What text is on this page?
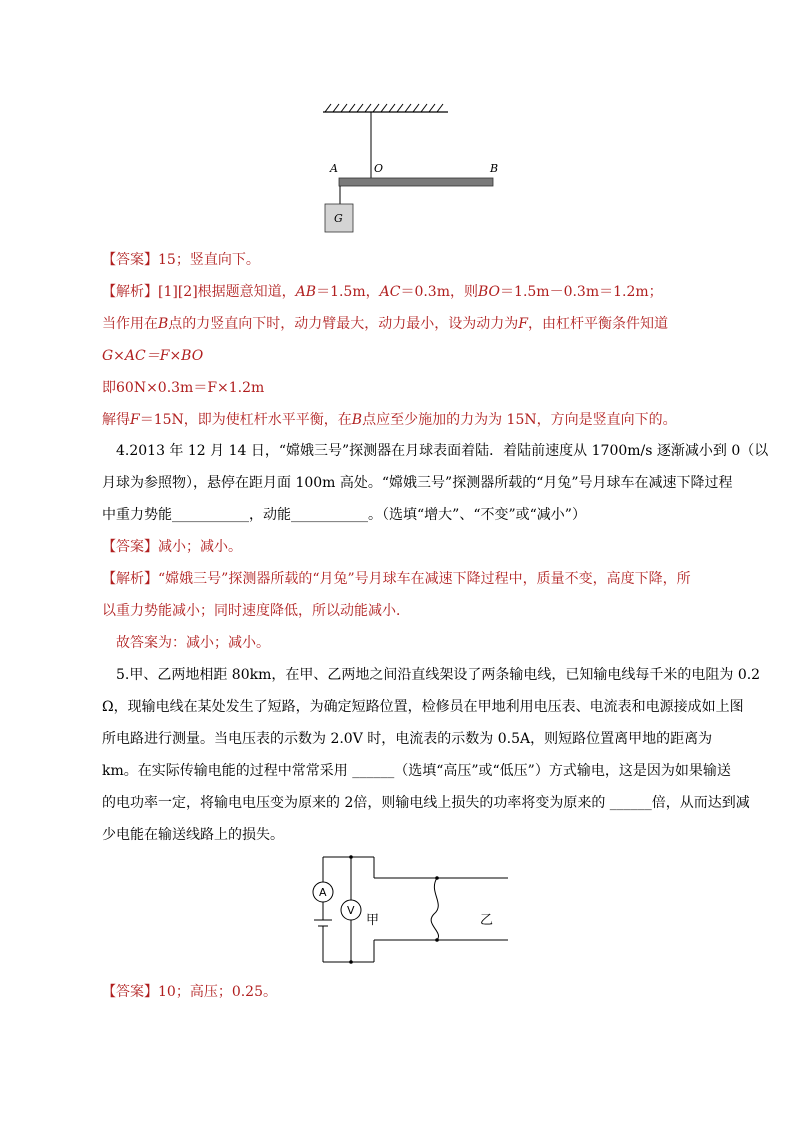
A	O	B
G
【答案】15；竖直向下。
【解析】[1][2]根据题意知道，AB＝1.5m，AC＝0.3m，则BO＝1.5m－0.3m＝1.2m；
当作用在B点的力竖直向下时，动力臂最大，动力最小，设为动力为F，由杠杆平衡条件知道
G×AC＝F×BO
即60N×0.3m＝F×1.2m
解得F＝15N，即为使杠杆水平平衡，在B点应至少施加的力为为 15N，方向是竖直向下的。
4.2013 年 12 月 14 日，“嫦娥三号”探测器在月球表面着陆．着陆前速度从 1700m/s 逐渐减小到 0（以
月球为参照物），悬停在距月面 100m 高处。“嫦娥三号”探测器所载的“月兔”号月球车在减速下降过程
中重力势能___________，动能___________。（选填“增大”、“不变”或“减小”）
【答案】减小；减小。
【解析】“嫦娥三号”探测器所载的“月兔”号月球车在减速下降过程中，质量不变，高度下降，所
以重力势能减小；同时速度降低，所以动能减小．
故答案为：减小；减小。
5.甲、乙两地相距 80km，在甲、乙两地之间沿直线架设了两条输电线，已知输电线每千米的电阻为 0.2
Ω，现输电线在某处发生了短路，为确定短路位置，检修员在甲地利用电压表、电流表和电源接成如上图
所电路进行测量。当电压表的示数为 2.0V 时，电流表的示数为 0.5A，则短路位置离甲地的距离为
km。在实际传输电能的过程中常常采用 ______（选填“高压”或“低压”）方式输电，这是因为如果输送
的电功率一定，将输电电压变为原来的 2倍，则输电线上损失的功率将变为原来的 ______倍，从而达到减
少电能在输送线路上的损失。
A
V
甲	乙
【答案】10；高压；0.25。
